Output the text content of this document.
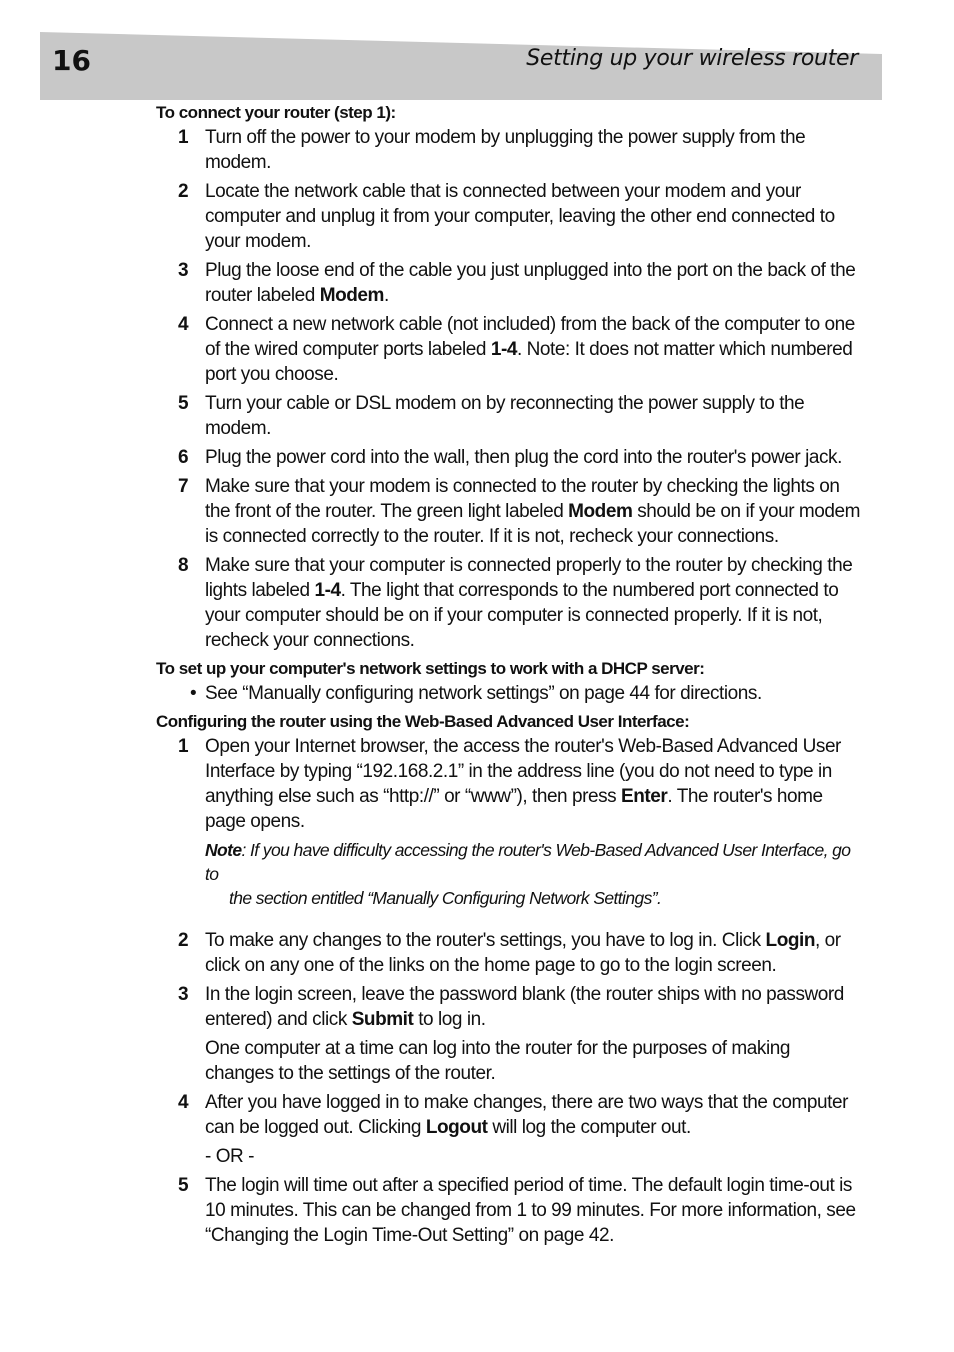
16	Setting up your wireless router
To connect your router (step 1):
1 Turn off the power to your modem by unplugging the power supply from the modem.
2 Locate the network cable that is connected between your modem and your computer and unplug it from your computer, leaving the other end connected to your modem.
3 Plug the loose end of the cable you just unplugged into the port on the back of the router labeled Modem.
4 Connect a new network cable (not included) from the back of the computer to one of the wired computer ports labeled 1-4. Note: It does not matter which numbered port you choose.
5 Turn your cable or DSL modem on by reconnecting the power supply to the modem.
6 Plug the power cord into the wall, then plug the cord into the router's power jack.
7 Make sure that your modem is connected to the router by checking the lights on the front of the router. The green light labeled Modem should be on if your modem is connected correctly to the router. If it is not, recheck your connections.
8 Make sure that your computer is connected properly to the router by checking the lights labeled 1-4. The light that corresponds to the numbered port connected to your computer should be on if your computer is connected properly. If it is not, recheck your connections.
To set up your computer's network settings to work with a DHCP server:
• See “Manually configuring network settings” on page 44 for directions.
Configuring the router using the Web-Based Advanced User Interface:
1 Open your Internet browser, the access the router's Web-Based Advanced User Interface by typing “192.168.2.1” in the address line (you do not need to type in anything else such as “http://” or “www”), then press Enter. The router's home page opens.
Note: If you have difficulty accessing the router's Web-Based Advanced User Interface, go to
the section entitled “Manually Configuring Network Settings”.
2 To make any changes to the router's settings, you have to log in. Click Login, or click on any one of the links on the home page to go to the login screen.
3 In the login screen, leave the password blank (the router ships with no password entered) and click Submit to log in.
One computer at a time can log into the router for the purposes of making changes to the settings of the router.
4 After you have logged in to make changes, there are two ways that the computer can be logged out. Clicking Logout will log the computer out.
- OR -
5 The login will time out after a specified period of time. The default login time-out is 10 minutes. This can be changed from 1 to 99 minutes. For more information, see “Changing the Login Time-Out Setting” on page 42.
